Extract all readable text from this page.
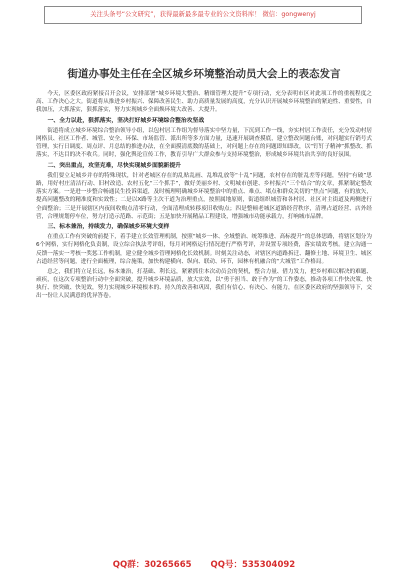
关注头条号“公文研究”，获得最新最多最专业的公文资料库！ 微信：gongwenyj
街道办事处主任在全区城乡环境整治动员大会上的表态发言

今天，区委区政府紧接召开会议，安排部署“城乡环境大整治、精细管理大提升”专项行动，充分表明市区对此项工作的重视程度之高、工作决心之大。街道将从推进乡村振兴、保障改善民生、助力高质量发展的高度，充分认识开展城乡环境整治的紧迫性、重要性，自我加压，大抓落实，狠抓落实，努力实现城乡全面焕环境大改善、大提升。

一、全力以赴，狠抓落实，坚决打好城乡环境综合整治攻坚战

街道将成立城乡环境综合整治领导小组，以包村居工作组为督导落实中坚力量，下沉到工作一线，夯实村居工作责任，充分发动村居网格员、社区工作者、城管、安全、环保、市场监管、派出所等多方面力量，迅速开展调查摸底，建立整改问题台账，对问题实行销号式管理，实行日调度、周点评、月总结的推进办法，在全面摸清底数的基础上，对问题上存在的问题即知即改，以“钉钉子精神”抓整改、抓落实，不达目的决不收兵。同时，强化舆论宣传工作，教育引导广大群众参与支持环境整治，形成城乡环境共治共享的良好氛围。

二、突出重点，攻坚克难，尽快实现城乡面貌新提升

我们要立足城乡并存的特殊现状，针对老城区存在的乱贴乱画、乱堆乱放等“十乱”问题，农村存在的脏乱差等问题，坚持“有破”思路，用好村庄清洁行动、旧村改造、农村五化“三个抓手”，做好美丽乡村、文明城市创建、乡村振兴“三个结合”的文章，抓紧制定整改落实方案。一是进一步整合畅通民生投诉渠道，及时梳理明确城乡环境整治中的重点、难点、堵点和群众关切的“焦点”问题，有的放矢，提高问题整改的精准度和实效性；二是以X路等主次干道为治理重点，按照属地原则，街道组织城管和各村居、社区对主街道及两侧进行全面整治；三是开展辖区内夜间收购点清零行动，全面清理成转移废旧收购点；四是整顿老城区道路经营秩序，清理占道经营、店外经营，合理规划停车位，努力打造示范路、示范街；五是加快开展精品工程建设，增强城市功能承载力，打响城市品牌。

三、标本兼治，持续发力，确保城乡环境大变样

在重点工作有突破的前提下，着手建立长效管理机制，按照“城乡一体、全域整治、统筹推进、高标提升”的总体思路，将辖区划分为6个网格，实行网格化负责制，设立综合执法考评组，每月对网格运行情况进行严格考评，并设置专项经费，落实绩效考核。建立沟通一反馈一落实一考核一奖惩工作机制，建立健全城乡管理网格化长效机制。时刻关注动态，对辖区内道路拆迁、翻修土地、环境卫生、城区占道经营等问题，进行全面梳理，综合施策，加快构建横向、纵向、联动、环节，园林有机融合的“大城管”工作格局。

总之，我们将立足长远，标本兼治，打基础、利长远，紧紧抓住本次动员会的契机，整合力量、借力发力，把乡村难以解决的难题、顽疾，在这次专项整治行动中全面突破，提升城乡环境品质，放大实效，以“勇于担当、敢于作为”的工作姿态，推动各项工作快决策、快执行、快突破、快见效，努力实现城乡环境根本的、持久的改善和巩固，我们有信心、有决心、有能力，在区委区政府的坚强领导下，交出一份让人民满意的优异答卷。

QQ群：30265665 QQ号：535304092
